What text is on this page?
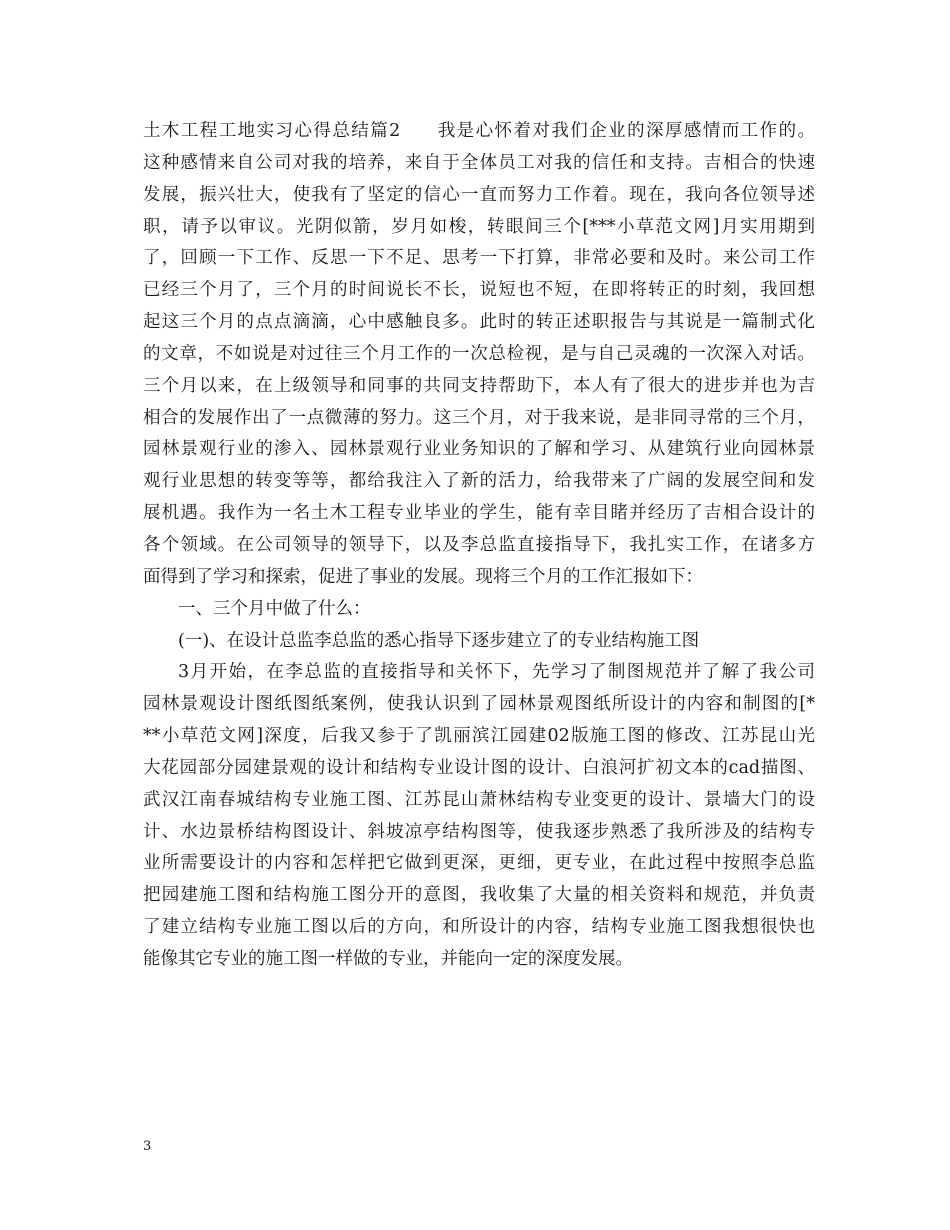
土木工程工地实习心得总结篇2 我是心怀着对我们企业的深厚感情而工作的。
这种感情来自公司对我的培养，来自于全体员工对我的信任和支持。吉相合的快速
发展，振兴壮大，使我有了坚定的信心一直而努力工作着。现在，我向各位领导述
职，请予以审议。光阴似箭，岁月如梭，转眼间三个[***小草范文网]月实用期到
了，回顾一下工作、反思一下不足、思考一下打算，非常必要和及时。来公司工作
已经三个月了，三个月的时间说长不长，说短也不短，在即将转正的时刻，我回想
起这三个月的点点滴滴，心中感触良多。此时的转正述职报告与其说是一篇制式化
的文章，不如说是对过往三个月工作的一次总检视，是与自己灵魂的一次深入对话。
三个月以来，在上级领导和同事的共同支持帮助下，本人有了很大的进步并也为吉
相合的发展作出了一点微薄的努力。这三个月，对于我来说，是非同寻常的三个月，
园林景观行业的渗入、园林景观行业业务知识的了解和学习、从建筑行业向园林景
观行业思想的转变等等，都给我注入了新的活力，给我带来了广阔的发展空间和发
展机遇。我作为一名土木工程专业毕业的学生，能有幸目睹并经历了吉相合设计的
各个领域。在公司领导的领导下，以及李总监直接指导下，我扎实工作，在诸多方
面得到了学习和探索，促进了事业的发展。现将三个月的工作汇报如下：
一、三个月中做了什么：
(一)、在设计总监李总监的悉心指导下逐步建立了的专业结构施工图
3月开始，在李总监的直接指导和关怀下，先学习了制图规范并了解了我公司
园林景观设计图纸图纸案例，使我认识到了园林景观图纸所设计的内容和制图的[*
**小草范文网]深度，后我又参于了凯丽滨江园建02版施工图的修改、江苏昆山光
大花园部分园建景观的设计和结构专业设计图的设计、白浪河扩初文本的cad描图、
武汉江南春城结构专业施工图、江苏昆山萧林结构专业变更的设计、景墙大门的设
计、水边景桥结构图设计、斜坡凉亭结构图等，使我逐步熟悉了我所涉及的结构专
业所需要设计的内容和怎样把它做到更深，更细，更专业，在此过程中按照李总监
把园建施工图和结构施工图分开的意图，我收集了大量的相关资料和规范，并负责
了建立结构专业施工图以后的方向，和所设计的内容，结构专业施工图我想很快也
能像其它专业的施工图一样做的专业，并能向一定的深度发展。
3
